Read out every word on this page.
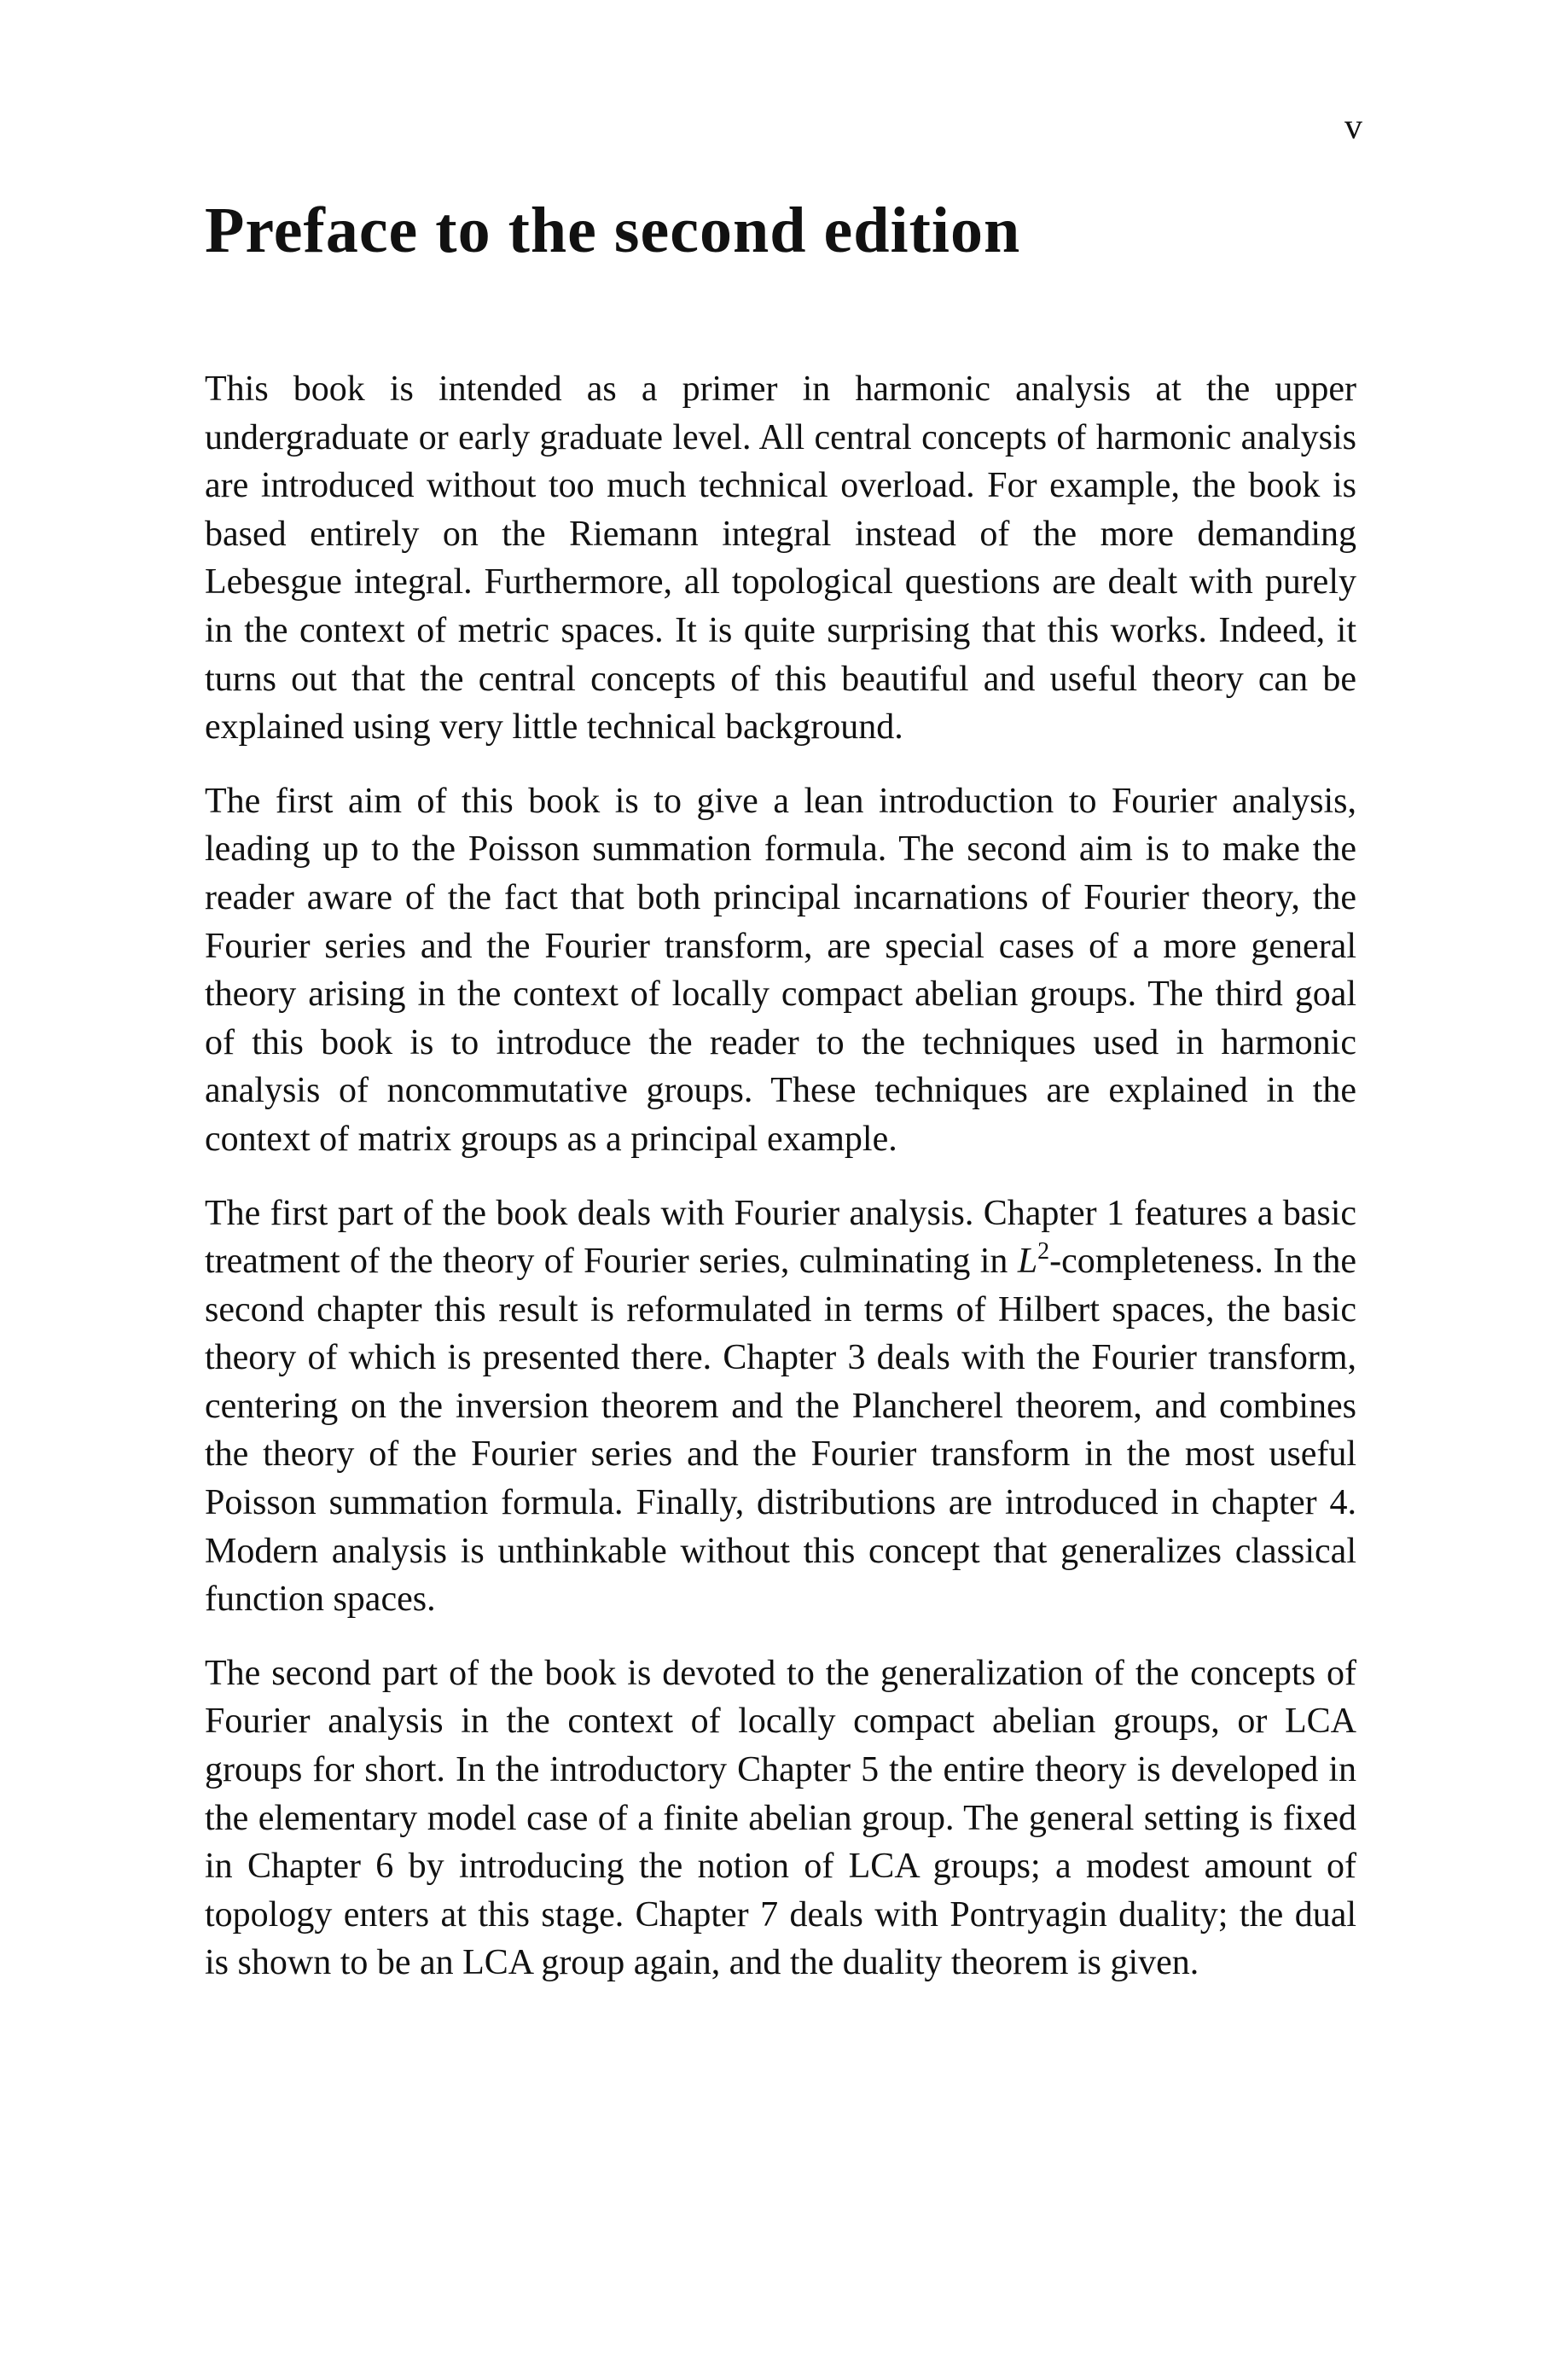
v
Preface to the second edition

This book is intended as a primer in harmonic analysis at the upper undergraduate or early graduate level. All central concepts of harmonic analysis are introduced without too much technical overload. For example, the book is based entirely on the Riemann integral instead of the more demanding Lebesgue integral. Furthermore, all topological questions are dealt with purely in the context of metric spaces. It is quite surprising that this works. Indeed, it turns out that the central concepts of this beautiful and useful theory can be explained using very little technical background.

The first aim of this book is to give a lean introduction to Fourier analysis, leading up to the Poisson summation formula. The second aim is to make the reader aware of the fact that both principal incarnations of Fourier theory, the Fourier series and the Fourier transform, are special cases of a more general theory arising in the context of locally compact abelian groups. The third goal of this book is to introduce the reader to the techniques used in harmonic analysis of noncommutative groups. These techniques are explained in the context of matrix groups as a principal example.

The first part of the book deals with Fourier analysis. Chapter 1 features a basic treatment of the theory of Fourier series, culminating in $L^2$-completeness. In the second chapter this result is reformulated in terms of Hilbert spaces, the basic theory of which is presented there. Chapter 3 deals with the Fourier transform, centering on the inversion theorem and the Plancherel theorem, and combines the theory of the Fourier series and the Fourier transform in the most useful Poisson summation formula. Finally, distributions are introduced in chapter 4. Modern analysis is unthinkable without this concept that generalizes classical function spaces.

The second part of the book is devoted to the generalization of the concepts of Fourier analysis in the context of locally compact abelian groups, or LCA groups for short. In the introductory Chapter 5 the entire theory is developed in the elementary model case of a finite abelian group. The general setting is fixed in Chapter 6 by introducing the notion of LCA groups; a modest amount of topology enters at this stage. Chapter 7 deals with Pontryagin duality; the dual is shown to be an LCA group again, and the duality theorem is given.
